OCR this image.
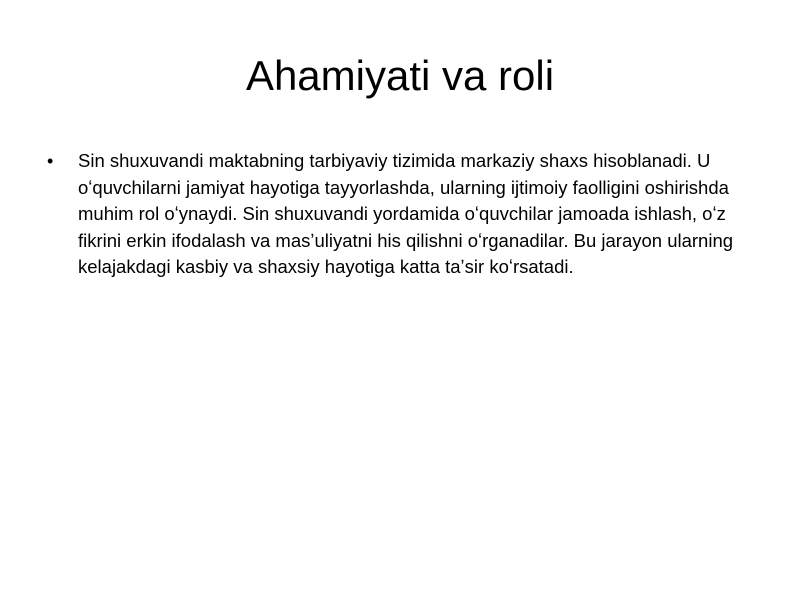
Ahamiyati va roli
• Sin shuxuvandi maktabning tarbiyaviy tizimida markaziy shaxs hisoblanadi. U oʻquvchilarni jamiyat hayotiga tayyorlashda, ularning ijtimoiy faolligini oshirishda muhim rol oʻynaydi. Sin shuxuvandi yordamida oʻquvchilar jamoada ishlash, oʻz fikrini erkin ifodalash va masʼuliyatni his qilishni oʻrganadilar. Bu jarayon ularning kelajakdagi kasbiy va shaxsiy hayotiga katta taʼsir koʻrsatadi.
